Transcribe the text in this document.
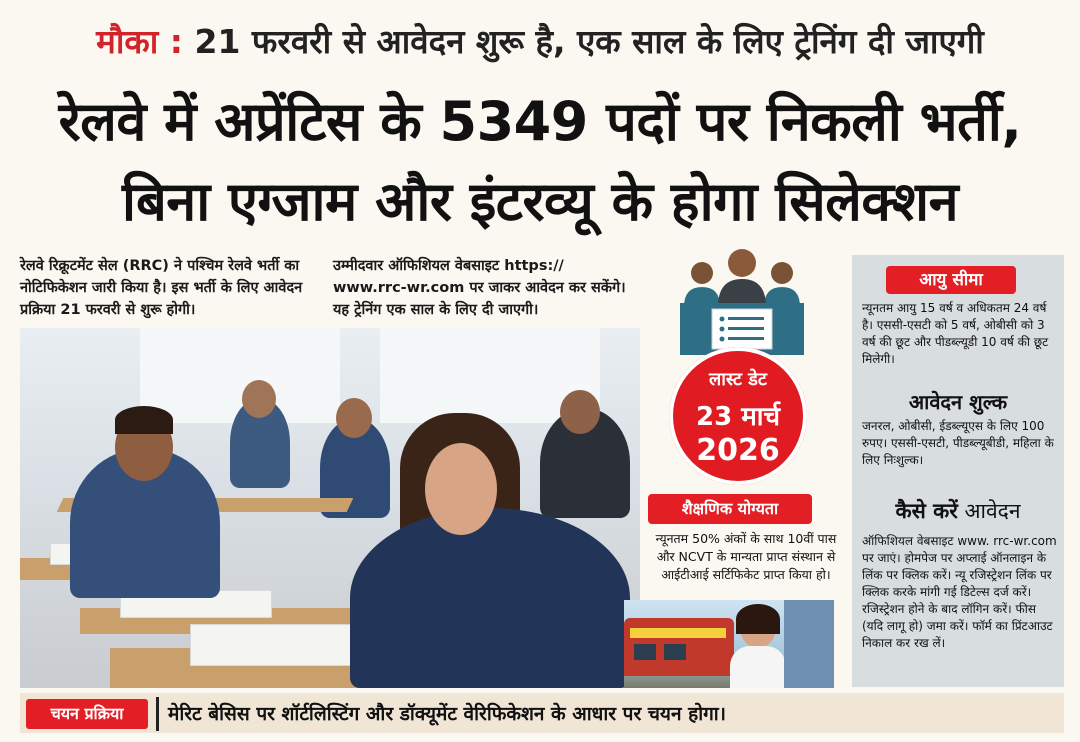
मौका : 21 फरवरी से आवेदन शुरू है, एक साल के लिए ट्रेनिंग दी जाएगी
रेलवे में अप्रेंटिस के 5349 पदों पर निकली भर्ती,
बिना एग्जाम और इंटरव्यू के होगा सिलेक्शन
रेलवे रिक्रूटमेंट सेल (RRC) ने पश्चिम रेलवे भर्ती का नोटिफिकेशन जारी किया है। इस भर्ती के लिए आवेदन प्रक्रिया 21 फरवरी से शुरू होगी।
उम्मीदवार ऑफिशियल वेबसाइट https:// www.rrc-wr.com पर जाकर आवेदन कर सकेंगे। यह ट्रेनिंग एक साल के लिए दी जाएगी।
लास्ट डेट
23 मार्च
2026
शैक्षणिक योग्यता
न्यूनतम 50% अंकों के साथ 10वीं पास और NCVT के मान्यता प्राप्त संस्थान से आईटीआई सर्टिफिकेट प्राप्त किया हो।
आयु सीमा
न्यूनतम आयु 15 वर्ष व अधिकतम 24 वर्ष है। एससी-एसटी को 5 वर्ष, ओबीसी को 3 वर्ष की छूट और पीडब्ल्यूडी 10 वर्ष की छूट मिलेगी।
आवेदन शुल्क
जनरल, ओबीसी, ईडब्ल्यूएस के लिए 100 रुपए। एससी-एसटी, पीडब्ल्यूबीडी, महिला के लिए निःशुल्क।
कैसे करें आवेदन
ऑफिशियल वेबसाइट www. rrc-wr.com पर जाएं। होमपेज पर अप्लाई ऑनलाइन के लिंक पर क्लिक करें। न्यू रजिस्ट्रेशन लिंक पर क्लिक करके मांगी गई डिटेल्स दर्ज करें। रजिस्ट्रेशन होने के बाद लॉगिन करें। फीस (यदि लागू हो) जमा करें। फॉर्म का प्रिंटआउट निकाल कर रख लें।
चयन प्रक्रिया	मेरिट बेसिस पर शॉर्टलिस्टिंग और डॉक्यूमेंट वेरिफिकेशन के आधार पर चयन होगा।
